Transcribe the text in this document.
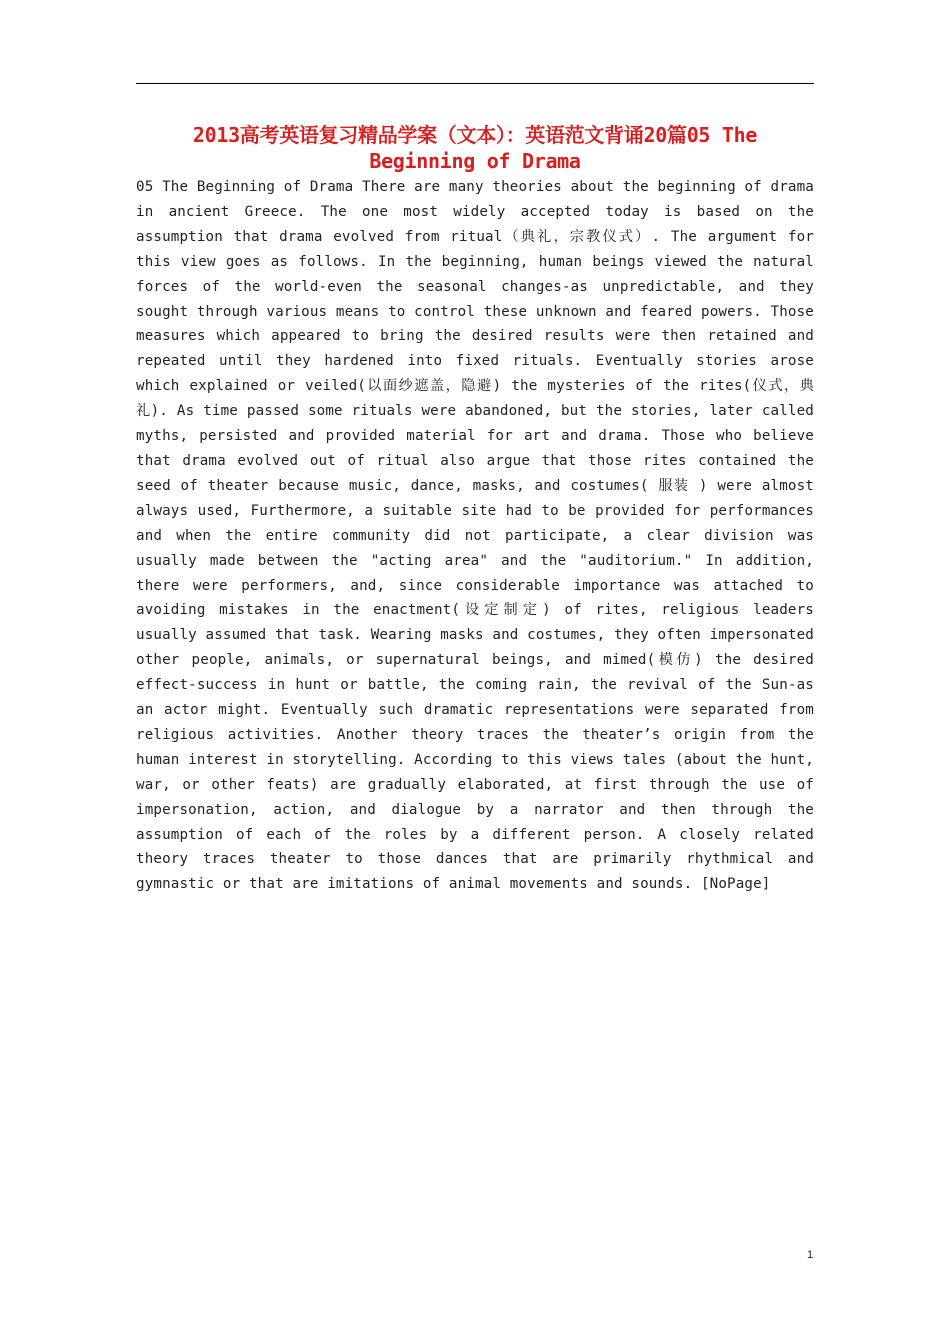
2013高考英语复习精品学案（文本）：英语范文背诵20篇05 The Beginning of Drama

05 The Beginning of Drama There are many theories about the beginning of drama in ancient Greece. The one most widely accepted today is based on the assumption that drama evolved from ritual（典礼，宗教仪式）. The argument for this view goes as follows. In the beginning, human beings viewed the natural forces of the world-even the seasonal changes-as unpredictable, and they sought through various means to control these unknown and feared powers. Those measures which appeared to bring the desired results were then retained and repeated until they hardened into fixed rituals. Eventually stories arose which explained or veiled(以面纱遮盖，隐避) the mysteries of the rites(仪式，典礼). As time passed some rituals were abandoned, but the stories, later called myths, persisted and provided material for art and drama. Those who believe that drama evolved out of ritual also argue that those rites contained the seed of theater because music, dance, masks, and costumes( 服装 ) were almost always used, Furthermore, a suitable site had to be provided for performances and when the entire community did not participate, a clear division was usually made between the "acting area" and the "auditorium." In addition, there were performers, and, since considerable importance was attached to avoiding mistakes in the enactment(设定制定) of rites, religious leaders usually assumed that task. Wearing masks and costumes, they often impersonated other people, animals, or supernatural beings, and mimed(模仿) the desired effect-success in hunt or battle, the coming rain, the revival of the Sun-as an actor might. Eventually such dramatic representations were separated from religious activities. Another theory traces the theater’s origin from the human interest in storytelling. According to this views tales (about the hunt, war, or other feats) are gradually elaborated, at first through the use of impersonation, action, and dialogue by a narrator and then through the assumption of each of the roles by a different person. A closely related theory traces theater to those dances that are primarily rhythmical and gymnastic or that are imitations of animal movements and sounds. [NoPage]

1
